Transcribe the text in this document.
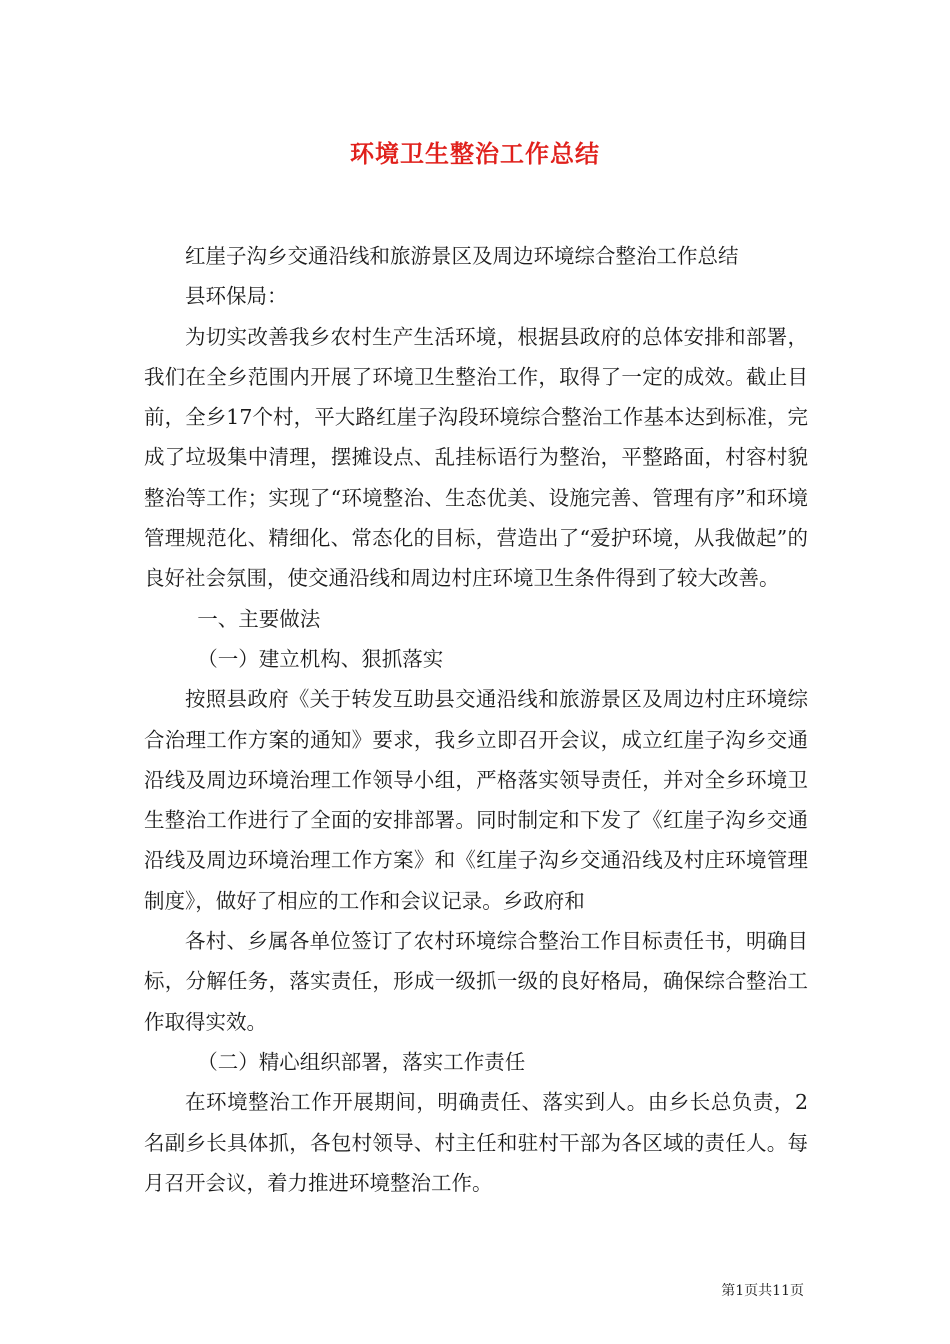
环境卫生整治工作总结

红崖子沟乡交通沿线和旅游景区及周边环境综合整治工作总结

县环保局：

为切实改善我乡农村生产生活环境，根据县政府的总体安排和部署，我们在全乡范围内开展了环境卫生整治工作，取得了一定的成效。截止目前，全乡17个村，平大路红崖子沟段环境综合整治工作基本达到标准，完成了垃圾集中清理，摆摊设点、乱挂标语行为整治，平整路面，村容村貌整治等工作；实现了“环境整治、生态优美、设施完善、管理有序”和环境管理规范化、精细化、常态化的目标，营造出了“爱护环境，从我做起”的良好社会氛围，使交通沿线和周边村庄环境卫生条件得到了较大改善。

一、主要做法

（一）建立机构、狠抓落实

按照县政府《关于转发互助县交通沿线和旅游景区及周边村庄环境综合治理工作方案的通知》要求，我乡立即召开会议，成立红崖子沟乡交通沿线及周边环境治理工作领导小组，严格落实领导责任，并对全乡环境卫生整治工作进行了全面的安排部署。同时制定和下发了《红崖子沟乡交通沿线及周边环境治理工作方案》和《红崖子沟乡交通沿线及村庄环境管理制度》，做好了相应的工作和会议记录。乡政府和

各村、乡属各单位签订了农村环境综合整治工作目标责任书，明确目标，分解任务，落实责任，形成一级抓一级的良好格局，确保综合整治工作取得实效。

（二）精心组织部署，落实工作责任

在环境整治工作开展期间，明确责任、落实到人。由乡长总负责，2名副乡长具体抓，各包村领导、村主任和驻村干部为各区域的责任人。每月召开会议，着力推进环境整治工作。

第1页共11页
